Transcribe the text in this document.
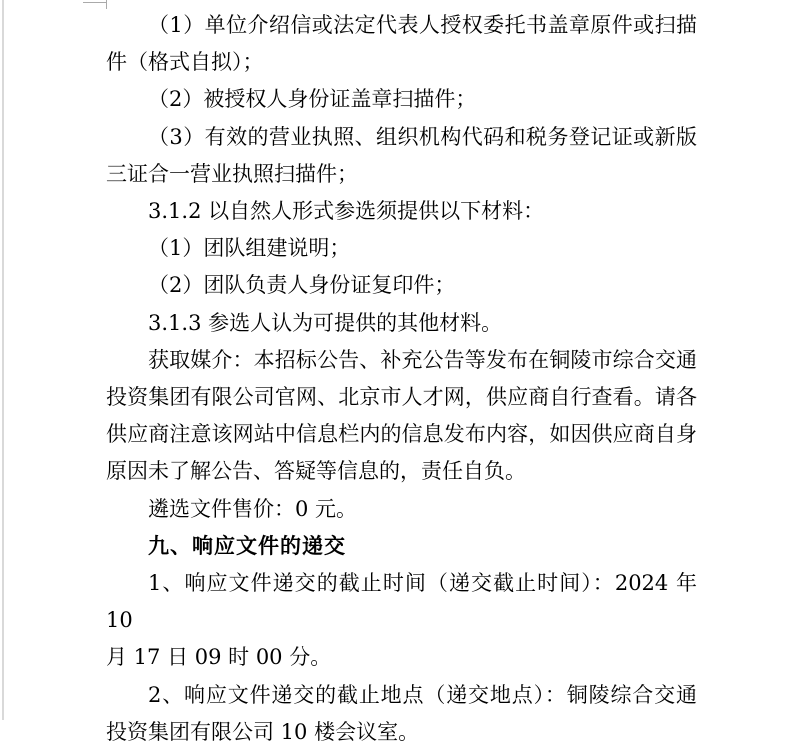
（1）单位介绍信或法定代表人授权委托书盖章原件或扫描
件（格式自拟）；
（2）被授权人身份证盖章扫描件；
（3）有效的营业执照、组织机构代码和税务登记证或新版
三证合一营业执照扫描件；
3.1.2 以自然人形式参选须提供以下材料：
（1）团队组建说明；
（2）团队负责人身份证复印件；
3.1.3 参选人认为可提供的其他材料。
获取媒介：本招标公告、补充公告等发布在铜陵市综合交通
投资集团有限公司官网、北京市人才网，供应商自行查看。请各
供应商注意该网站中信息栏内的信息发布内容，如因供应商自身
原因未了解公告、答疑等信息的，责任自负。
遴选文件售价：0 元。
九、响应文件的递交
1、响应文件递交的截止时间（递交截止时间）：2024 年 10
月 17 日 09 时 00 分。
2、响应文件递交的截止地点（递交地点）：铜陵综合交通
投资集团有限公司 10 楼会议室。
